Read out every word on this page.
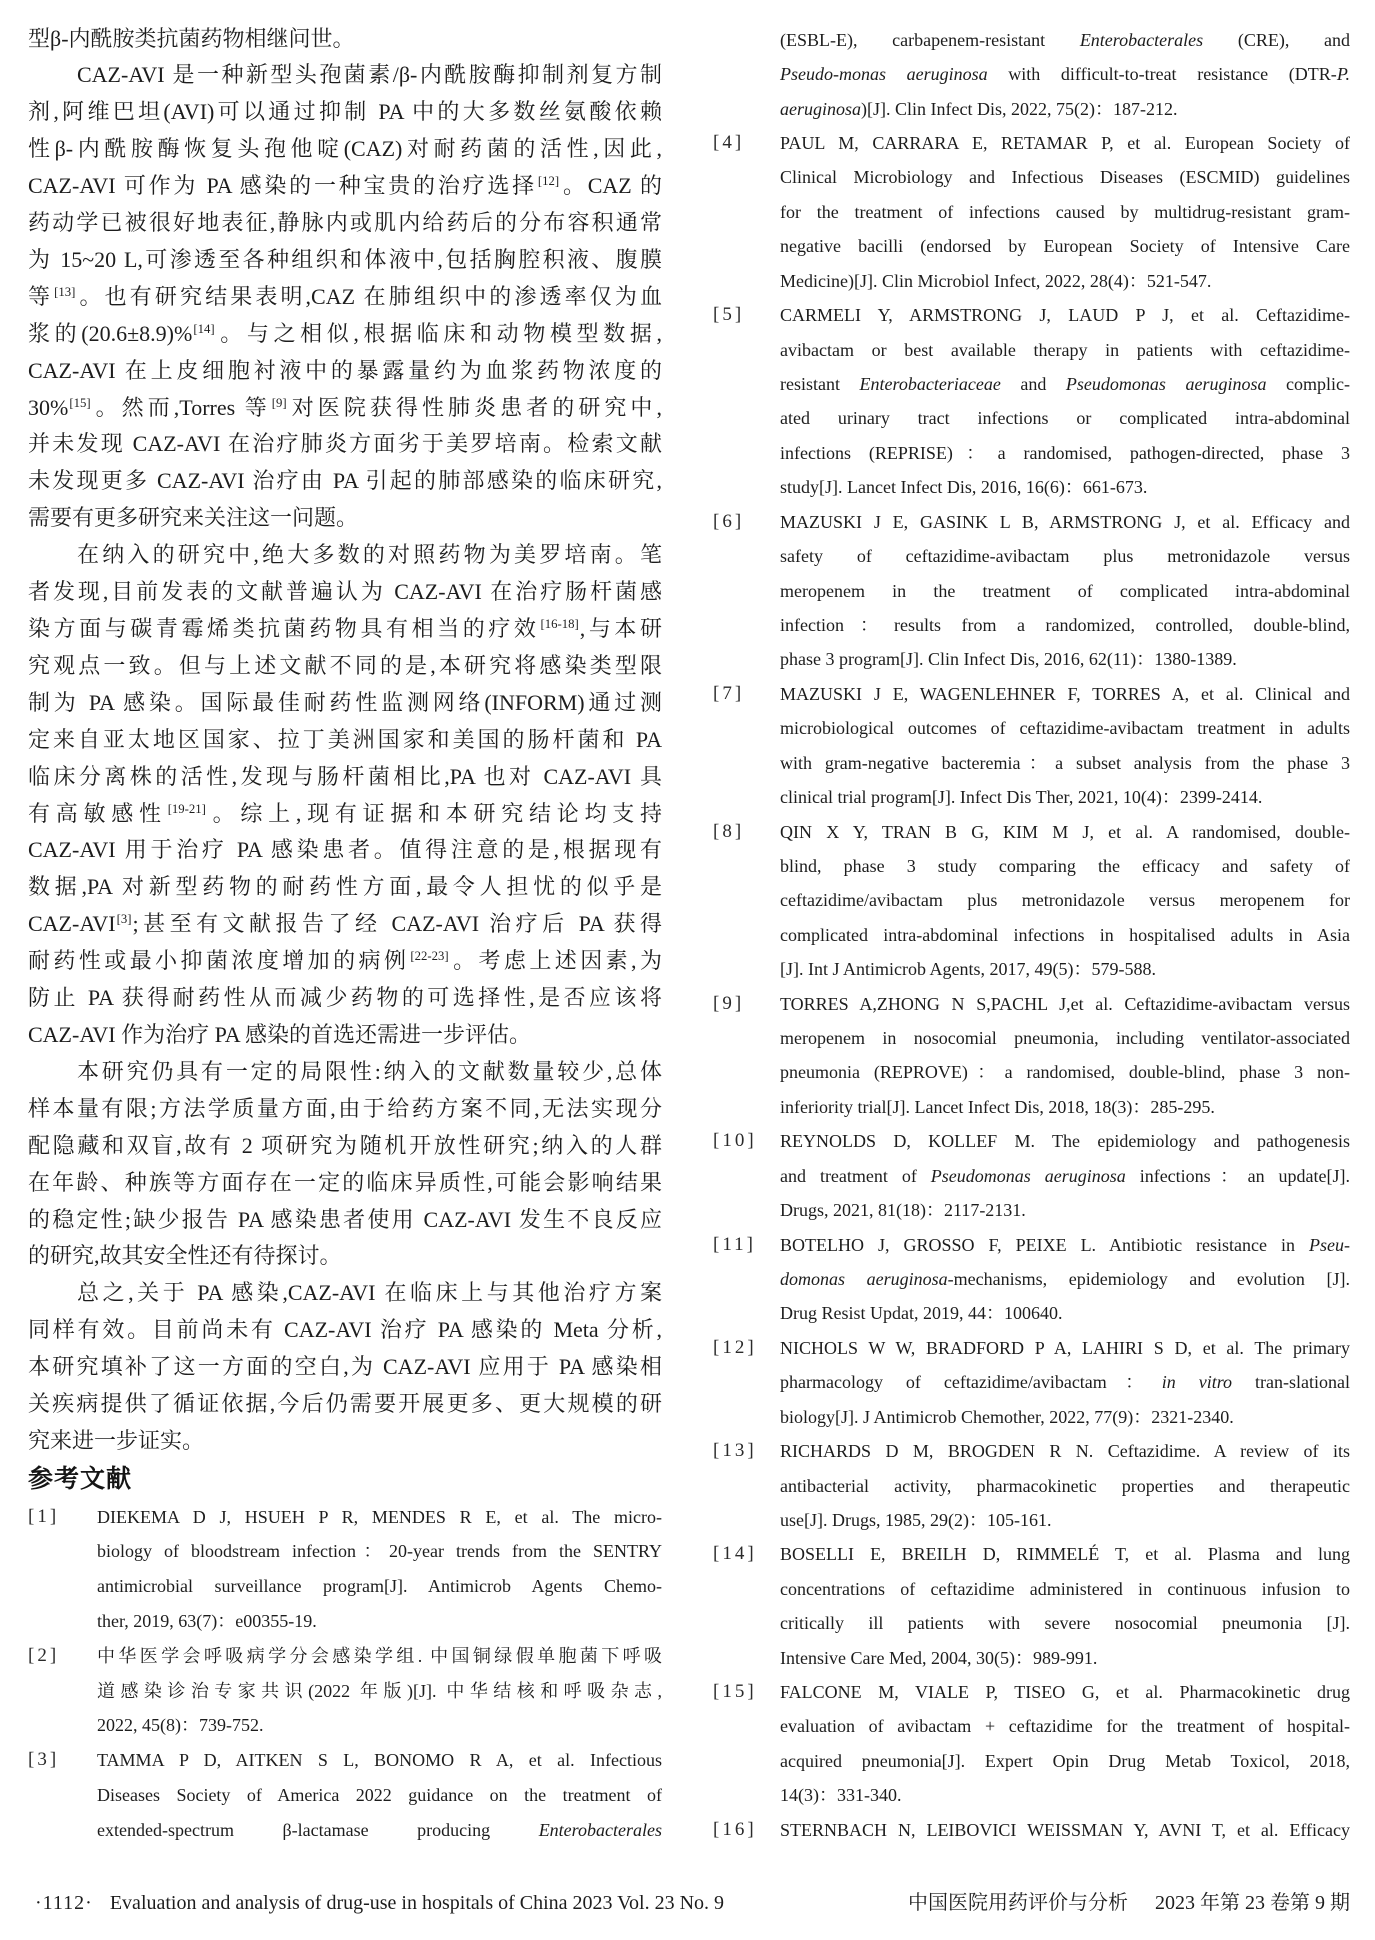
型β-内酰胺类抗菌药物相继问世。
CAZ-AVI 是一种新型头孢菌素/β-内酰胺酶抑制剂复方制
剂,阿维巴坦(AVI)可以通过抑制 PA 中的大多数丝氨酸依赖
性β-内酰胺酶恢复头孢他啶(CAZ)对耐药菌的活性,因此,
CAZ-AVI 可作为 PA 感染的一种宝贵的治疗选择[12]。CAZ 的
药动学已被很好地表征,静脉内或肌内给药后的分布容积通常
为 15~20 L,可渗透至各种组织和体液中,包括胸腔积液、腹膜
等[13]。也有研究结果表明,CAZ 在肺组织中的渗透率仅为血
浆的(20.6±8.9)%[14]。与之相似,根据临床和动物模型数据,
CAZ-AVI 在上皮细胞衬液中的暴露量约为血浆药物浓度的
30%[15]。然而,Torres 等[9]对医院获得性肺炎患者的研究中,
并未发现 CAZ-AVI 在治疗肺炎方面劣于美罗培南。检索文献
未发现更多 CAZ-AVI 治疗由 PA 引起的肺部感染的临床研究,
需要有更多研究来关注这一问题。
在纳入的研究中,绝大多数的对照药物为美罗培南。笔
者发现,目前发表的文献普遍认为 CAZ-AVI 在治疗肠杆菌感
染方面与碳青霉烯类抗菌药物具有相当的疗效[16-18],与本研
究观点一致。但与上述文献不同的是,本研究将感染类型限
制为 PA 感染。国际最佳耐药性监测网络(INFORM)通过测
定来自亚太地区国家、拉丁美洲国家和美国的肠杆菌和 PA
临床分离株的活性,发现与肠杆菌相比,PA 也对 CAZ-AVI 具
有高敏感性[19-21]。综上,现有证据和本研究结论均支持
CAZ-AVI 用于治疗 PA 感染患者。值得注意的是,根据现有
数据,PA 对新型药物的耐药性方面,最令人担忧的似乎是
CAZ-AVI[3];甚至有文献报告了经 CAZ-AVI 治疗后 PA 获得
耐药性或最小抑菌浓度增加的病例[22-23]。考虑上述因素,为
防止 PA 获得耐药性从而减少药物的可选择性,是否应该将
CAZ-AVI 作为治疗 PA 感染的首选还需进一步评估。
本研究仍具有一定的局限性:纳入的文献数量较少,总体
样本量有限;方法学质量方面,由于给药方案不同,无法实现分
配隐藏和双盲,故有 2 项研究为随机开放性研究;纳入的人群
在年龄、种族等方面存在一定的临床异质性,可能会影响结果
的稳定性;缺少报告 PA 感染患者使用 CAZ-AVI 发生不良反应
的研究,故其安全性还有待探讨。
总之,关于 PA 感染,CAZ-AVI 在临床上与其他治疗方案
同样有效。目前尚未有 CAZ-AVI 治疗 PA 感染的 Meta 分析,
本研究填补了这一方面的空白,为 CAZ-AVI 应用于 PA 感染相
关疾病提供了循证依据,今后仍需要开展更多、更大规模的研
究来进一步证实。
参考文献
[1]	DIEKEMA D J, HSUEH P R, MENDES R E, et al. The micro-
biology of bloodstream infection：20-year trends from the SENTRY
antimicrobial surveillance program[J]. Antimicrob Agents Chemo-
ther, 2019, 63(7)：e00355-19.
[2]	中华医学会呼吸病学分会感染学组. 中国铜绿假单胞菌下呼吸
道感染诊治专家共识(2022 年版)[J]. 中华结核和呼吸杂志,
2022, 45(8)：739-752.
[3]	TAMMA P D, AITKEN S L, BONOMO R A, et al. Infectious
Diseases Society of America 2022 guidance on the treatment of
extended-spectrum β-lactamase producing Enterobacterales
(ESBL-E), carbapenem-resistant Enterobacterales (CRE), and
Pseudo-monas aeruginosa with difficult-to-treat resistance (DTR-P.
aeruginosa)[J]. Clin Infect Dis, 2022, 75(2)：187-212.
[4]	PAUL M, CARRARA E, RETAMAR P, et al. European Society of
Clinical Microbiology and Infectious Diseases (ESCMID) guidelines
for the treatment of infections caused by multidrug-resistant gram-
negative bacilli (endorsed by European Society of Intensive Care
Medicine)[J]. Clin Microbiol Infect, 2022, 28(4)：521-547.
[5]	CARMELI Y, ARMSTRONG J, LAUD P J, et al. Ceftazidime-
avibactam or best available therapy in patients with ceftazidime-
resistant Enterobacteriaceae and Pseudomonas aeruginosa complic-
ated urinary tract infections or complicated intra-abdominal
infections (REPRISE)：a randomised, pathogen-directed, phase 3
study[J]. Lancet Infect Dis, 2016, 16(6)：661-673.
[6]	MAZUSKI J E, GASINK L B, ARMSTRONG J, et al. Efficacy and
safety of ceftazidime-avibactam plus metronidazole versus
meropenem in the treatment of complicated intra-abdominal
infection：results from a randomized, controlled, double-blind,
phase 3 program[J]. Clin Infect Dis, 2016, 62(11)：1380-1389.
[7]	MAZUSKI J E, WAGENLEHNER F, TORRES A, et al. Clinical and
microbiological outcomes of ceftazidime-avibactam treatment in adults
with gram-negative bacteremia：a subset analysis from the phase 3
clinical trial program[J]. Infect Dis Ther, 2021, 10(4)：2399-2414.
[8]	QIN X Y, TRAN B G, KIM M J, et al. A randomised, double-
blind, phase 3 study comparing the efficacy and safety of
ceftazidime/avibactam plus metronidazole versus meropenem for
complicated intra-abdominal infections in hospitalised adults in Asia
[J]. Int J Antimicrob Agents, 2017, 49(5)：579-588.
[9]	TORRES A,ZHONG N S,PACHL J,et al. Ceftazidime-avibactam versus
meropenem in nosocomial pneumonia, including ventilator-associated
pneumonia (REPROVE)：a randomised, double-blind, phase 3 non-
inferiority trial[J]. Lancet Infect Dis, 2018, 18(3)：285-295.
[10]	REYNOLDS D, KOLLEF M. The epidemiology and pathogenesis
and treatment of Pseudomonas aeruginosa infections：an update[J].
Drugs, 2021, 81(18)：2117-2131.
[11]	BOTELHO J, GROSSO F, PEIXE L. Antibiotic resistance in Pseu-
domonas aeruginosa-mechanisms, epidemiology and evolution [J].
Drug Resist Updat, 2019, 44：100640.
[12]	NICHOLS W W, BRADFORD P A, LAHIRI S D, et al. The primary
pharmacology of ceftazidime/avibactam：in vitro tran-slational
biology[J]. J Antimicrob Chemother, 2022, 77(9)：2321-2340.
[13]	RICHARDS D M, BROGDEN R N. Ceftazidime. A review of its
antibacterial activity, pharmacokinetic properties and therapeutic
use[J]. Drugs, 1985, 29(2)：105-161.
[14]	BOSELLI E, BREILH D, RIMMELÉ T, et al. Plasma and lung
concentrations of ceftazidime administered in continuous infusion to
critically ill patients with severe nosocomial pneumonia [J].
Intensive Care Med, 2004, 30(5)：989-991.
[15]	FALCONE M, VIALE P, TISEO G, et al. Pharmacokinetic drug
evaluation of avibactam + ceftazidime for the treatment of hospital-
acquired pneumonia[J]. Expert Opin Drug Metab Toxicol, 2018,
14(3)：331-340.
[16]	STERNBACH N, LEIBOVICI WEISSMAN Y, AVNI T, et al. Efficacy
·1112· Evaluation and analysis of drug-use in hospitals of China 2023 Vol. 23 No. 9	中国医院用药评价与分析 2023 年第 23 卷第 9 期
